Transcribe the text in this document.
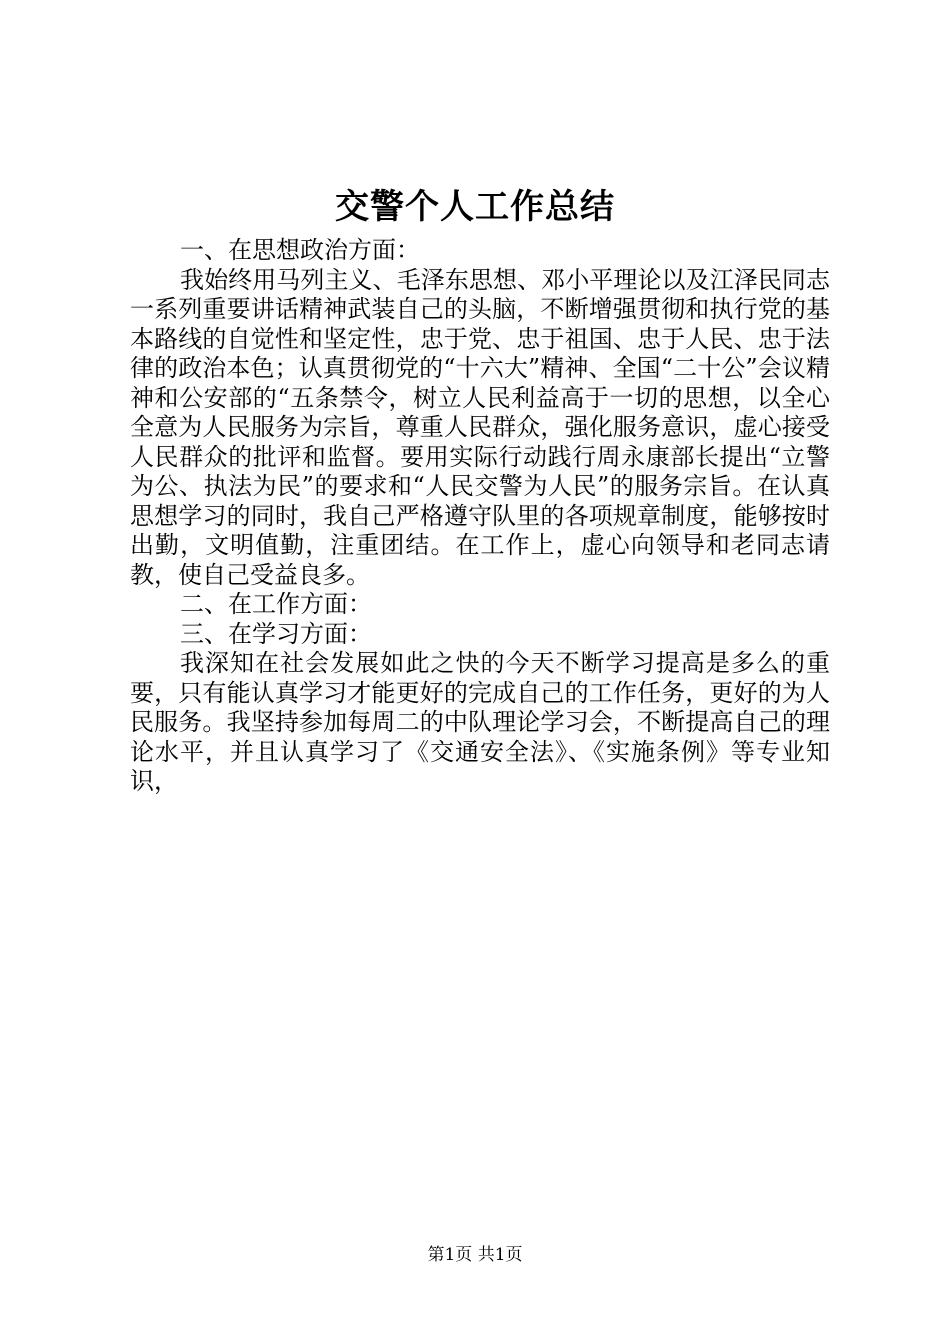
交警个人工作总结

一、在思想政治方面：

我始终用马列主义、毛泽东思想、邓小平理论以及江泽民同志一系列重要讲话精神武装自己的头脑，不断增强贯彻和执行党的基本路线的自觉性和坚定性，忠于党、忠于祖国、忠于人民、忠于法律的政治本色；认真贯彻党的“十六大”精神、全国“二十公”会议精神和公安部的“五条禁令，树立人民利益高于一切的思想，以全心全意为人民服务为宗旨，尊重人民群众，强化服务意识，虚心接受人民群众的批评和监督。要用实际行动践行周永康部长提出“立警为公、执法为民”的要求和“人民交警为人民”的服务宗旨。在认真思想学习的同时，我自己严格遵守队里的各项规章制度，能够按时出勤，文明值勤，注重团结。在工作上，虚心向领导和老同志请教，使自己受益良多。

二、在工作方面：

三、在学习方面：

我深知在社会发展如此之快的今天不断学习提高是多么的重要，只有能认真学习才能更好的完成自己的工作任务，更好的为人民服务。我坚持参加每周二的中队理论学习会，不断提高自己的理论水平，并且认真学习了《交通安全法》、《实施条例》等专业知识，

第1页 共1页
